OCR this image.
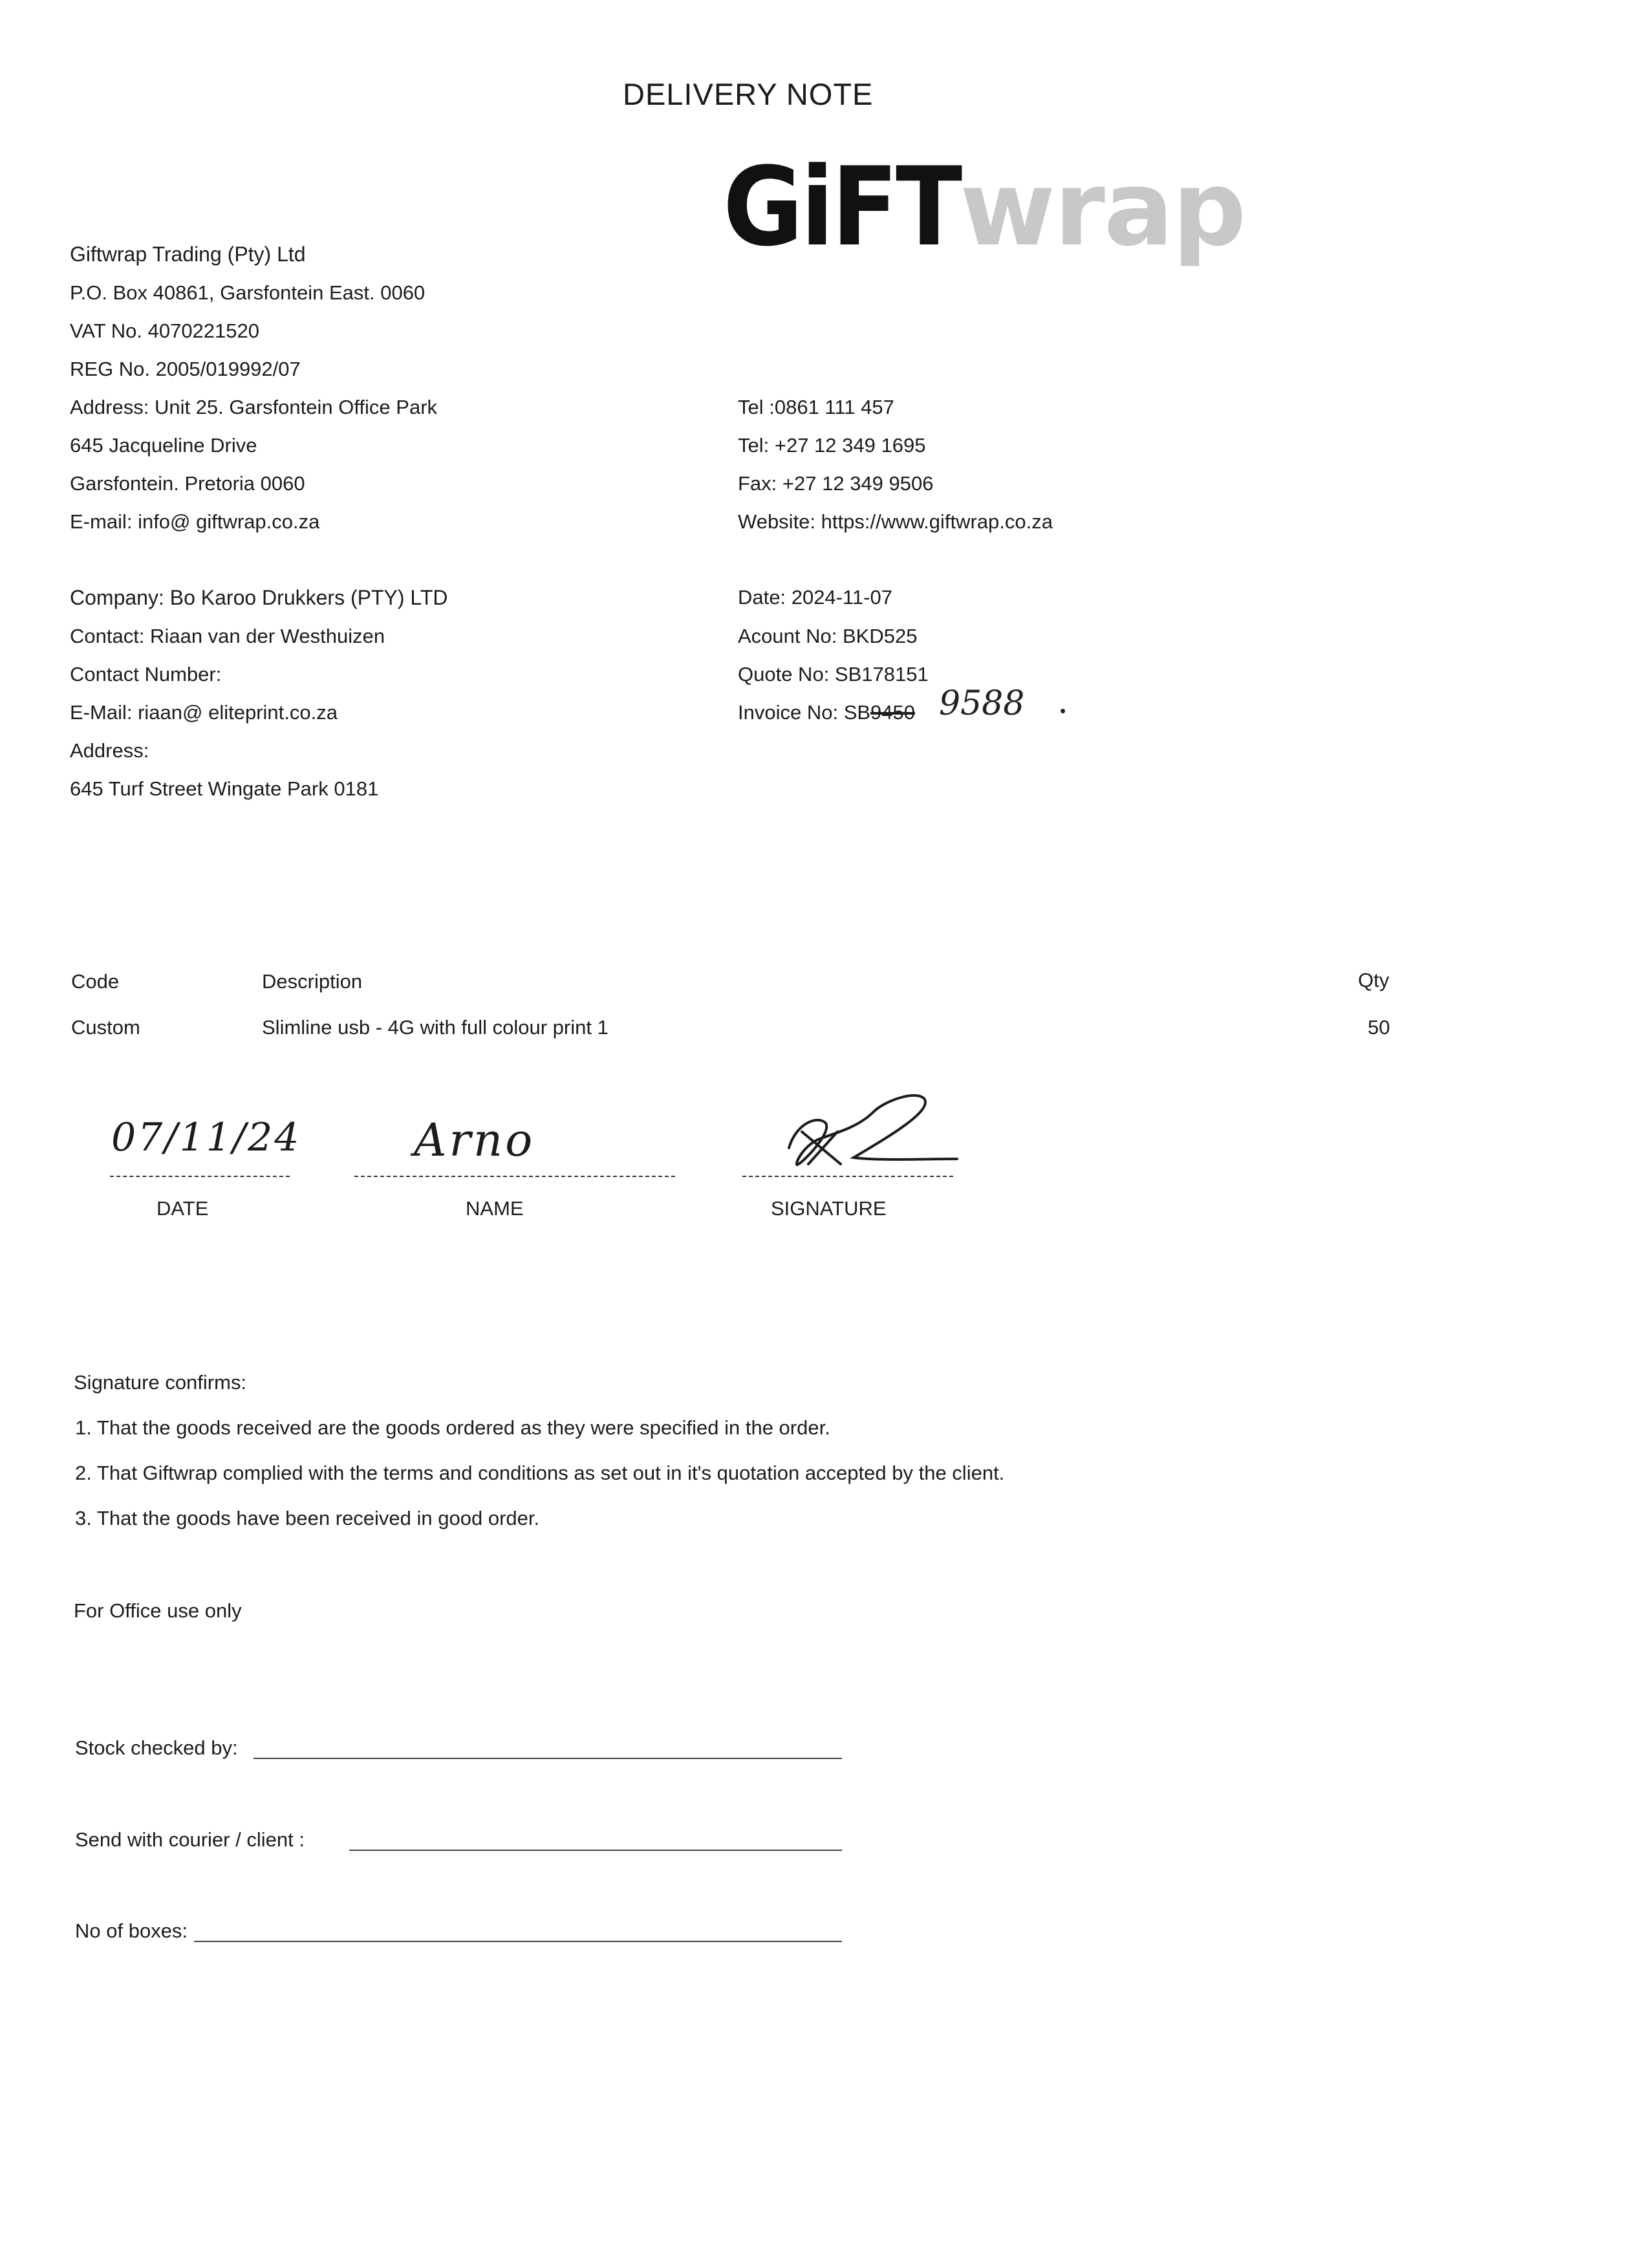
DELIVERY NOTE
GiFTwrap
Giftwrap Trading (Pty) Ltd
P.O. Box 40861, Garsfontein East. 0060
VAT No. 4070221520
REG No. 2005/019992/07
Address: Unit 25. Garsfontein Office Park
645 Jacqueline Drive
Garsfontein. Pretoria 0060
E-mail: info@ giftwrap.co.za
Tel :0861 111 457
Tel: +27 12 349 1695
Fax: +27 12 349 9506
Website: https://www.giftwrap.co.za
Company: Bo Karoo Drukkers (PTY) LTD
Contact: Riaan van der Westhuizen
Contact Number:
E-Mail: riaan@ eliteprint.co.za
Address:
645 Turf Street Wingate Park 0181
Date: 2024-11-07
Acount No: BKD525
Quote No: SB178151
Invoice No: SB9450 9588
Code	Description	Qty
Custom	Slimline usb - 4G with full colour print 1	50
07/11/24
DATE
Arno
NAME	SIGNATURE
Signature confirms:
1. That the goods received are the goods ordered as they were specified in the order.
2. That Giftwrap complied with the terms and conditions as set out in it's quotation accepted by the client.
3. That the goods have been received in good order.
For Office use only
Stock checked by:
Send with courier / client :
No of boxes:
